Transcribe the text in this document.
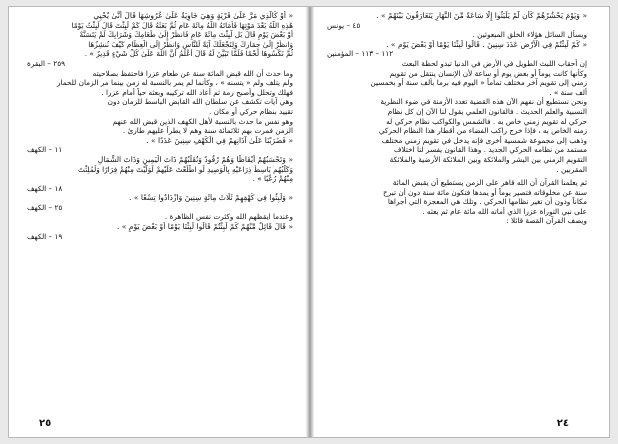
« أَوْ كَالَّذِي مَرَّ عَلَىٰ قَرْيَةٍ وَهِيَ خَاوِيَةٌ عَلَىٰ عُرُوشِهَا قَالَ أَنَّىٰ يُحْيِي
هَٰذِهِ اللَّهُ بَعْدَ مَوْتِهَا فَأَمَاتَهُ اللَّهُ مِائَةَ عَامٍ ثُمَّ بَعَثَهُ قَالَ كَمْ لَبِثْتَ قَالَ لَبِثْتُ يَوْمًا
أَوْ بَعْضَ يَوْمٍ قَالَ بَل لَّبِثْتَ مِائَةَ عَامٍ فَانظُرْ إِلَىٰ طَعَامِكَ وَشَرَابِكَ لَمْ يَتَسَنَّهْ
وَانظُرْ إِلَىٰ حِمَارِكَ وَلِنَجْعَلَكَ آيَةً لِّلنَّاسِ وَانظُرْ إِلَى الْعِظَامِ كَيْفَ نُنشِزُهَا
ثُمَّ نَكْسُوهَا لَحْمًا فَلَمَّا تَبَيَّنَ لَهُ قَالَ أَعْلَمُ أَنَّ اللَّهَ عَلَىٰ كُلِّ شَيْءٍ قَدِيرٌ » .
٢٥٩ – البقرة
وما حدث أن الله قبض المائة سنة عن طعام عزرا فاحتفظ بصلاحيته
ولم يتلف ولم « يتسنه » ، وكأنما لم يمر بالنسبة له زمن بينما مر الزمان للحمار
فهلك وتحلل وأصبح رمة ثم أعاد الله تركيبه وبعثه حياً أمام عزرا .
وهي آيات تكشف عن سلطان الله القابض الباسط للزمان دون
تقييد بنظام حركي أو مكان .
وهو نفس ما حدث بالنسبة لأهل الكهف الذين قبض الله عنهم
الزمن فمرت بهم ثلاثمائة سنة وهم لا يطرأ عليهم طارئ .
« فَضَرَبْنَا عَلَىٰ آذَانِهِمْ فِي الْكَهْفِ سِنِينَ عَدَدًا » .
١١ – الكهف
« وَتَحْسَبُهُمْ أَيْقَاظًا وَهُمْ رُقُودٌ وَنُقَلِّبُهُمْ ذَاتَ الْيَمِينِ وَذَاتَ الشِّمَالِ
وَكَلْبُهُم بَاسِطٌ ذِرَاعَيْهِ بِالْوَصِيدِ لَوِ اطَّلَعْتَ عَلَيْهِمْ لَوَلَّيْتَ مِنْهُمْ فِرَارًا وَلَمُلِئْتَ
مِنْهُمْ رُعْبًا » .
١٨ – الكهف
« وَلَبِثُوا فِي كَهْفِهِمْ ثَلَاثَ مِائَةٍ سِنِينَ وَازْدَادُوا تِسْعًا » .
٢٥ – الكهف
وعندما ايقظهم الله وكثرت نفس الظاهرة .
« قَالَ قَائِلٌ مِّنْهُمْ كَمْ لَبِثْتُمْ قَالُوا لَبِثْنَا يَوْمًا أَوْ بَعْضَ يَوْمٍ » .
١٩ – الكهف
٢٥
« وَيَوْمَ يَحْشُرُهُمْ كَأَن لَّمْ يَلْبَثُوا إِلَّا سَاعَةً مِّنَ النَّهَارِ يَتَعَارَفُونَ بَيْنَهُمْ » .
٤٥ – يونس
ويسأل السائل هؤلاء الخلق المبعوثين .
« كَمْ لَبِثْتُمْ فِي الْأَرْضِ عَدَدَ سِنِينَ . قَالُوا لَبِثْنَا يَوْمًا أَوْ بَعْضَ يَوْمٍ » .
١١٢ – ١١٣ – المؤمنين
إن أحقاب اللبث الطويل في الأرض في الدنيا تبدو لحظة البعث
وكأنها كانت يوماً أو بعض يوم أو ساعة لأن الإنسان ينتقل من تقويم
زمني إلى تقويم آخر مختلف تماماً « اليوم فيه برما بألف سنة أو بخمسين
ألف سنة » .
ونحن نستطيع أن نفهم الآن هذه القضية تعدد الأزمنة في ضوء النظرية
النسبية والعلم الحديث . فالقانون العلمي يقول لنا الآن إن كل نظام
حركي له تقويم زمني خاص به . فالشمس والكواكب نظام حركي له
زمنه الخاص به ، فإذا خرج راكب الفضاء من أقطار هذا النظام الحركي
وذهب إلى مجموعة شمسية أخرى فإنه يدخل في تقويم زمني مختلف
مستمد من نظامه الحركي الجديد . وهذا القانون يفسر لنا اختلاف
التقويم الزمني بين البشر والملائكة وبين الملائكة الأرضية والملائكة
المقربين .
ثم يعلمنا القرآن أن الله قاهر على الزمن يستطيع أن يقبض المائة
سنة عن مخلوقاته فتصير يوماً أو يمدها فتكون مائة سنة دون أن تبرح
مكاناً ودون أن تغير نظامها الحركي . وتلك هي المعجزة التي أجراها
على نبي التوراة عزرا الذي أماته الله مائة عام ثم بعثه .
ويصف القرآن القصة قائلا :
٢٤
